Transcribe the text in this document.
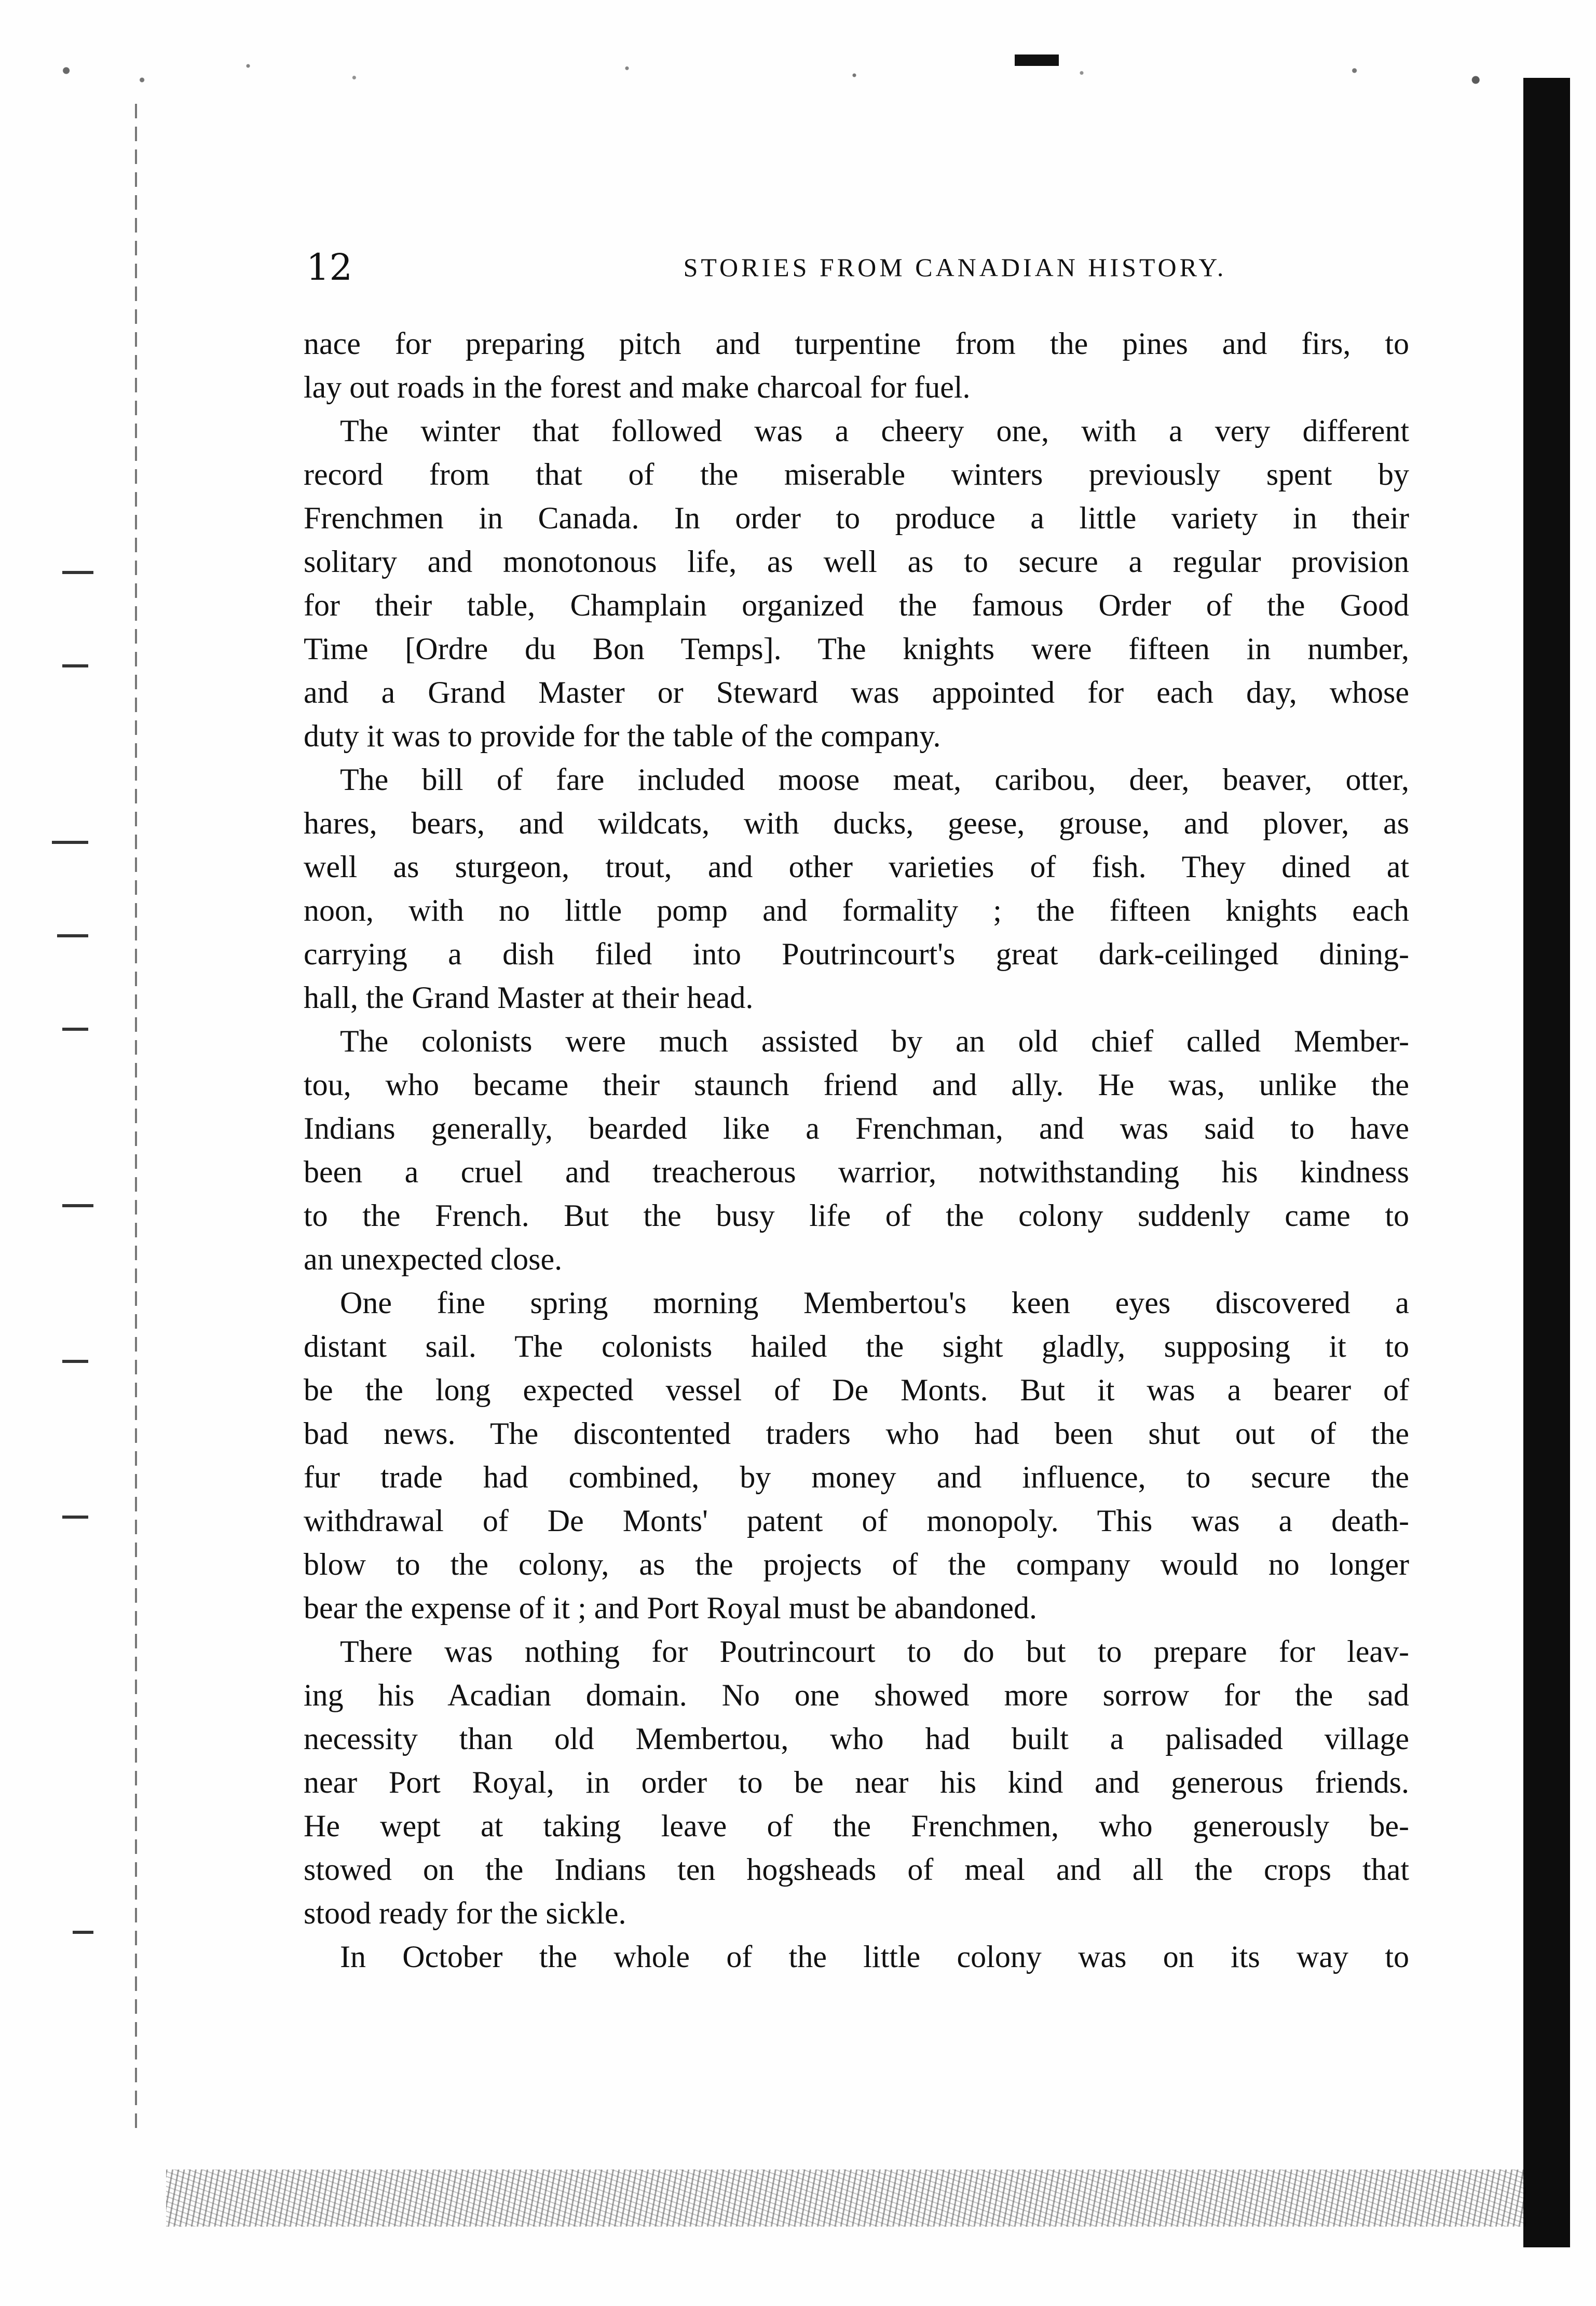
12	STORIES FROM CANADIAN HISTORY.
nace for preparing pitch and turpentine from the pines and firs, to
lay out roads in the forest and make charcoal for fuel.
The winter that followed was a cheery one, with a very different
record from that of the miserable winters previously spent by
Frenchmen in Canada. In order to produce a little variety in their
solitary and monotonous life, as well as to secure a regular provision
for their table, Champlain organized the famous Order of the Good
Time [Ordre du Bon Temps]. The knights were fifteen in number,
and a Grand Master or Steward was appointed for each day, whose
duty it was to provide for the table of the company.
The bill of fare included moose meat, caribou, deer, beaver, otter,
hares, bears, and wildcats, with ducks, geese, grouse, and plover, as
well as sturgeon, trout, and other varieties of fish. They dined at
noon, with no little pomp and formality ; the fifteen knights each
carrying a dish filed into Poutrincourt's great dark-ceilinged dining-
hall, the Grand Master at their head.
The colonists were much assisted by an old chief called Member-
tou, who became their staunch friend and ally. He was, unlike the
Indians generally, bearded like a Frenchman, and was said to have
been a cruel and treacherous warrior, notwithstanding his kindness
to the French. But the busy life of the colony suddenly came to
an unexpected close.
One fine spring morning Membertou's keen eyes discovered a
distant sail. The colonists hailed the sight gladly, supposing it to
be the long expected vessel of De Monts. But it was a bearer of
bad news. The discontented traders who had been shut out of the
fur trade had combined, by money and influence, to secure the
withdrawal of De Monts' patent of monopoly. This was a death-
blow to the colony, as the projects of the company would no longer
bear the expense of it ; and Port Royal must be abandoned.
There was nothing for Poutrincourt to do but to prepare for leav-
ing his Acadian domain. No one showed more sorrow for the sad
necessity than old Membertou, who had built a palisaded village
near Port Royal, in order to be near his kind and generous friends.
He wept at taking leave of the Frenchmen, who generously be-
stowed on the Indians ten hogsheads of meal and all the crops that
stood ready for the sickle.
In October the whole of the little colony was on its way to
